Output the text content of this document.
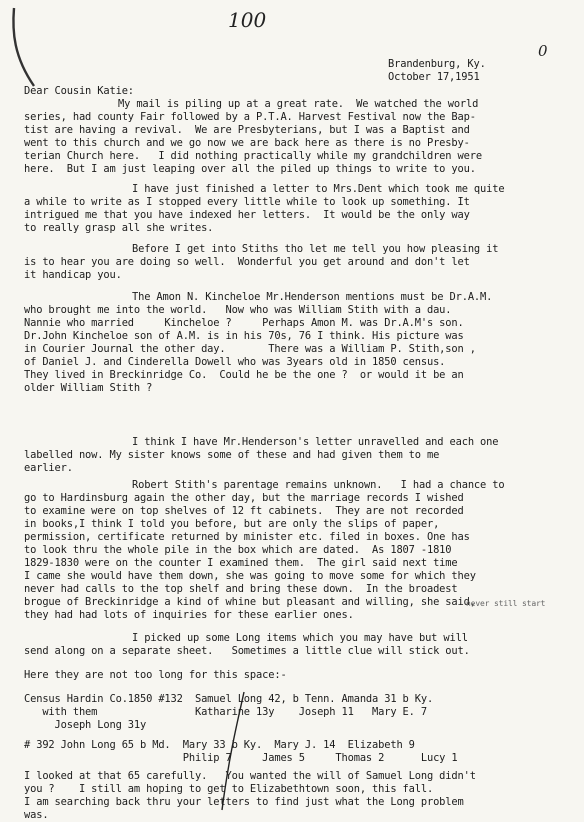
100
0
Brandenburg, Ky.
October 17,1951
Dear Cousin Katie:
My mail is piling up at a great rate.  We watched the world
series, had county Fair followed by a P.T.A. Harvest Festival now the Bap-
tist are having a revival.  We are Presbyterians, but I was a Baptist and
went to this church and we go now we are back here as there is no Presby-
terian Church here.   I did nothing practically while my grandchildren were
here.  But I am just leaping over all the piled up things to write to you.
I have just finished a letter to Mrs.Dent which took me quite
a while to write as I stopped every little while to look up something. It
intrigued me that you have indexed her letters.  It would be the only way
to really grasp all she writes.
Before I get into Stiths tho let me tell you how pleasing it
is to hear you are doing so well.  Wonderful you get around and don't let
it handicap you.
The Amon N. Kincheloe Mr.Henderson mentions must be Dr.A.M.
who brought me into the world.   Now who was William Stith with a dau.
Nannie who married     Kincheloe ?     Perhaps Amon M. was Dr.A.M's son.
Dr.John Kincheloe son of A.M. is in his 70s, 76 I think. His picture was
in Courier Journal the other day.       There was a William P. Stith,son ,
of Daniel J. and Cinderella Dowell who was 3years old in 1850 census.
They lived in Breckinridge Co.  Could he be the one ?  or would it be an
older William Stith ?
I think I have Mr.Henderson's letter unravelled and each one
labelled now. My sister knows some of these and had given them to me
earlier.
Robert Stith's parentage remains unknown.   I had a chance to
go to Hardinsburg again the other day, but the marriage records I wished
to examine were on top shelves of 12 ft cabinets.  They are not recorded
in books,I think I told you before, but are only the slips of paper,
permission, certificate returned by minister etc. filed in boxes. One has
to look thru the whole pile in the box which are dated.  As 1807 -1810
1829-1830 were on the counter I examined them.  The girl said next time
I came she would have them down, she was going to move some for which they
never had calls to the top shelf and bring these down.  In the broadest
brogue of Breckinridge a kind of whine but pleasant and willing, she said,
they had had lots of inquiries for these earlier ones.
never still start
I picked up some Long items which you may have but will
send along on a separate sheet.   Sometimes a little clue will stick out.
Here they are not too long for this space:-
Census Hardin Co.1850 #132  Samuel Long 42, b Tenn. Amanda 31 b Ky.
with them                Katharine 13y    Joseph 11   Mary E. 7
Joseph Long 31y
# 392 John Long 65 b Md.  Mary 33 b Ky.  Mary J. 14  Elizabeth 9
Philip 7     James 5     Thomas 2      Lucy 1
I looked at that 65 carefully.   You wanted the will of Samuel Long didn't
you ?    I still am hoping to get to Elizabethtown soon, this fall.
I am searching back thru your letters to find just what the Long problem
was.
